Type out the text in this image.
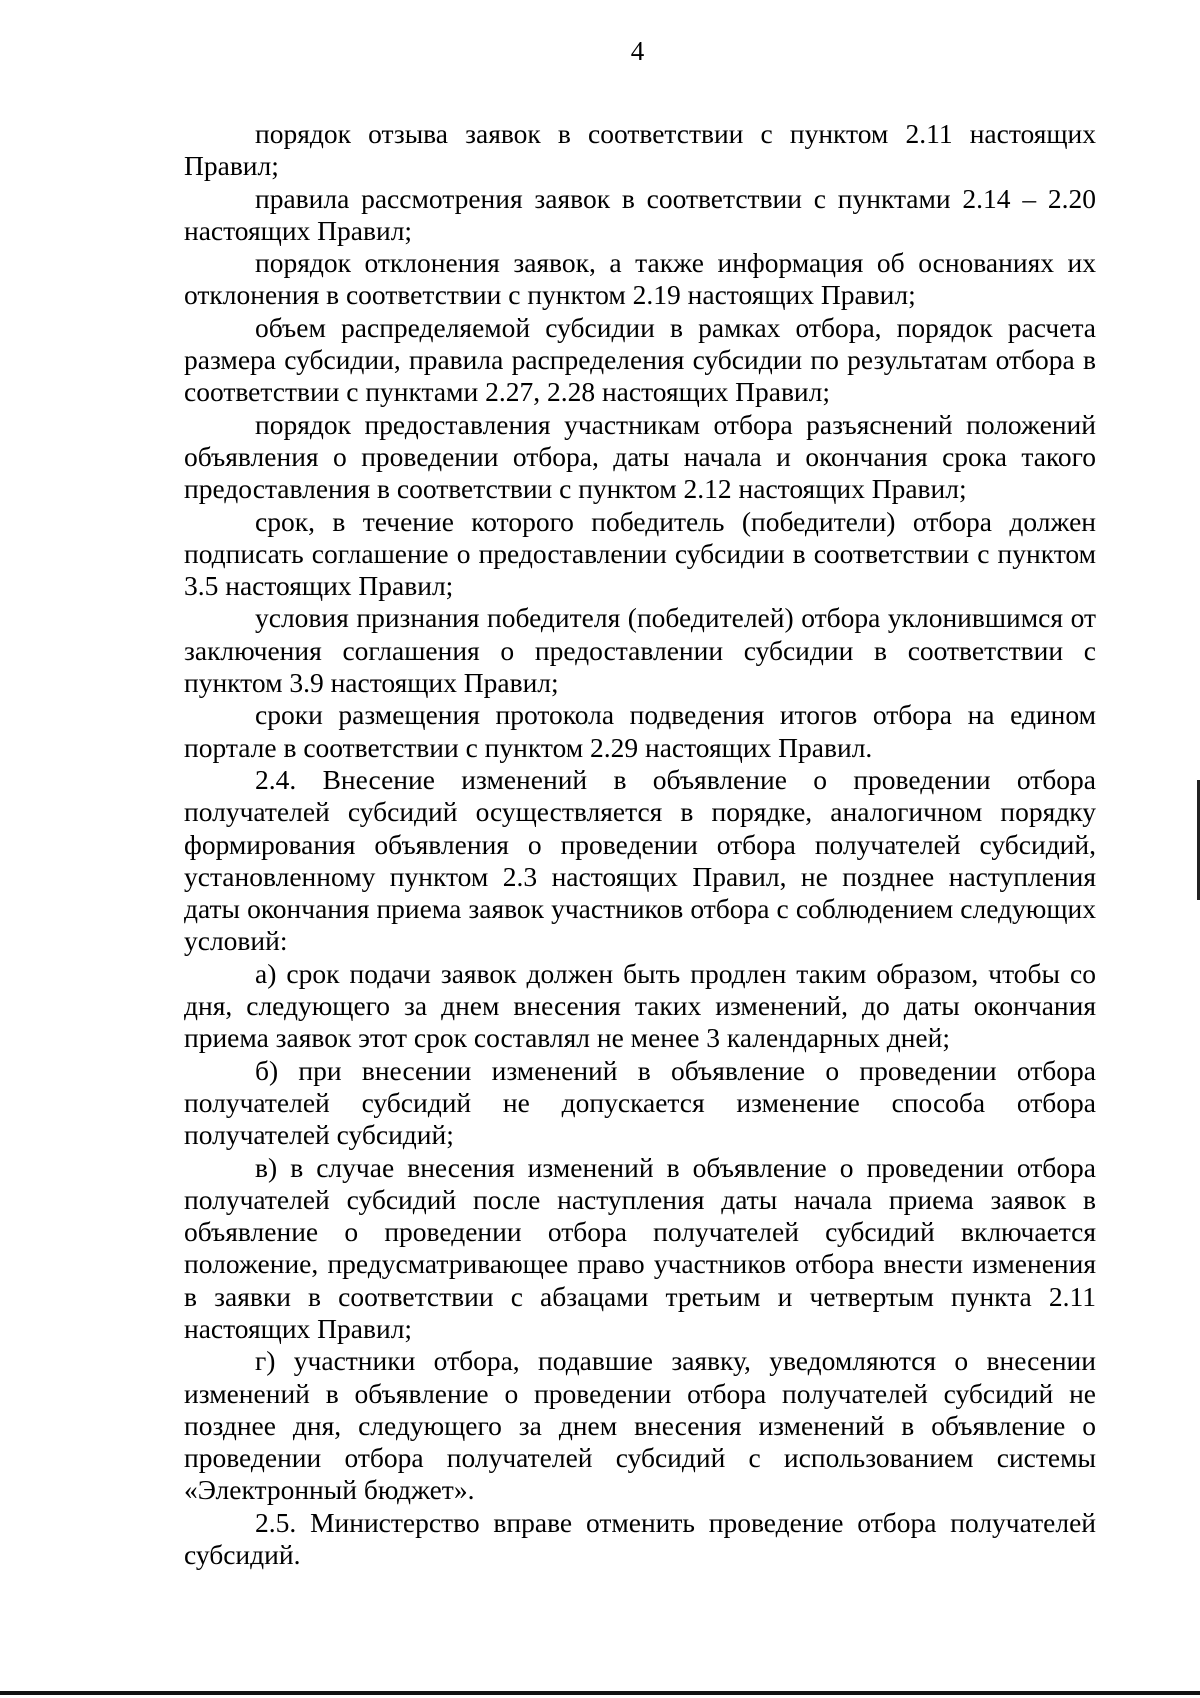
4

порядок отзыва заявок в соответствии с пунктом 2.11 настоящих Правил;

правила рассмотрения заявок в соответствии с пунктами 2.14 – 2.20 настоящих Правил;

порядок отклонения заявок, а также информация об основаниях их отклонения в соответствии с пунктом 2.19 настоящих Правил;

объем распределяемой субсидии в рамках отбора, порядок расчета размера субсидии, правила распределения субсидии по результатам отбора в соответствии с пунктами 2.27, 2.28 настоящих Правил;

порядок предоставления участникам отбора разъяснений положений объявления о проведении отбора, даты начала и окончания срока такого предоставления в соответствии с пунктом 2.12 настоящих Правил;

срок, в течение которого победитель (победители) отбора должен подписать соглашение о предоставлении субсидии в соответствии с пунктом 3.5 настоящих Правил;

условия признания победителя (победителей) отбора уклонившимся от заключения соглашения о предоставлении субсидии в соответствии с пунктом 3.9 настоящих Правил;

сроки размещения протокола подведения итогов отбора на едином портале в соответствии с пунктом 2.29 настоящих Правил.

2.4. Внесение изменений в объявление о проведении отбора получателей субсидий осуществляется в порядке, аналогичном порядку формирования объявления о проведении отбора получателей субсидий, установленному пунктом 2.3 настоящих Правил, не позднее наступления даты окончания приема заявок участников отбора с соблюдением следующих условий:

а) срок подачи заявок должен быть продлен таким образом, чтобы со дня, следующего за днем внесения таких изменений, до даты окончания приема заявок этот срок составлял не менее 3 календарных дней;

б) при внесении изменений в объявление о проведении отбора получателей субсидий не допускается изменение способа отбора получателей субсидий;

в) в случае внесения изменений в объявление о проведении отбора получателей субсидий после наступления даты начала приема заявок в объявление о проведении отбора получателей субсидий включается положение, предусматривающее право участников отбора внести изменения в заявки в соответствии с абзацами третьим и четвертым пункта 2.11 настоящих Правил;

г) участники отбора, подавшие заявку, уведомляются о внесении изменений в объявление о проведении отбора получателей субсидий не позднее дня, следующего за днем внесения изменений в объявление о проведении отбора получателей субсидий с использованием системы «Электронный бюджет».

2.5. Министерство вправе отменить проведение отбора получателей субсидий.
